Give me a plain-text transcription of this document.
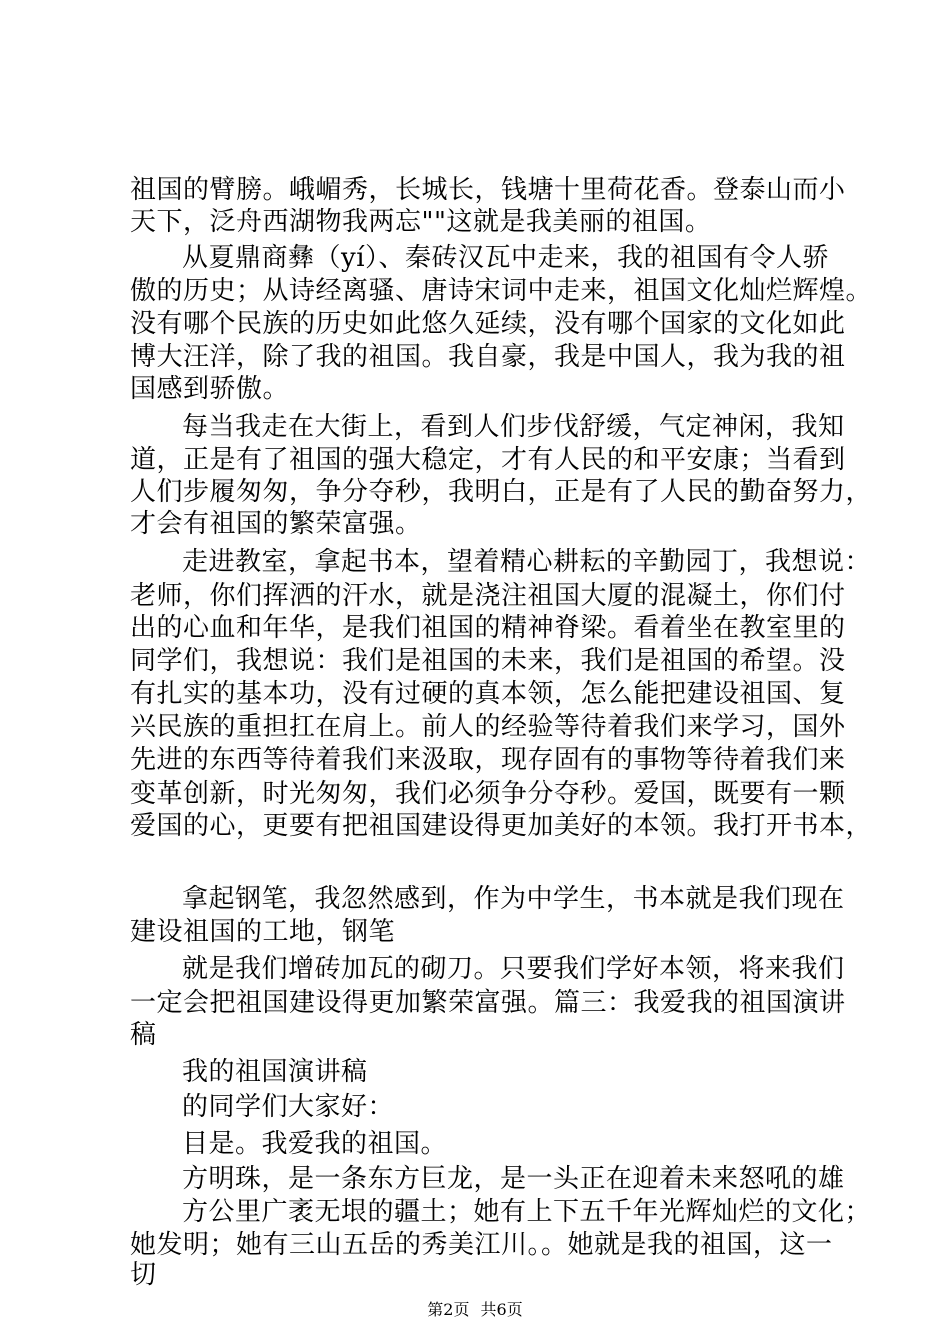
祖国的臂膀。峨嵋秀，长城长，钱塘十里荷花香。登泰山而小
天下，泛舟西湖物我两忘""这就是我美丽的祖国。
从夏鼎商彝（yí）、秦砖汉瓦中走来，我的祖国有令人骄
傲的历史；从诗经离骚、唐诗宋词中走来，祖国文化灿烂辉煌。
没有哪个民族的历史如此悠久延续，没有哪个国家的文化如此
博大汪洋，除了我的祖国。我自豪，我是中国人，我为我的祖
国感到骄傲。
每当我走在大街上，看到人们步伐舒缓，气定神闲，我知
道，正是有了祖国的强大稳定，才有人民的和平安康；当看到
人们步履匆匆，争分夺秒，我明白，正是有了人民的勤奋努力，
才会有祖国的繁荣富强。
走进教室，拿起书本，望着精心耕耘的辛勤园丁，我想说：
老师，你们挥洒的汗水，就是浇注祖国大厦的混凝土，你们付
出的心血和年华，是我们祖国的精神脊梁。看着坐在教室里的
同学们，我想说：我们是祖国的未来，我们是祖国的希望。没
有扎实的基本功，没有过硬的真本领，怎么能把建设祖国、复
兴民族的重担扛在肩上。前人的经验等待着我们来学习，国外
先进的东西等待着我们来汲取，现存固有的事物等待着我们来
变革创新，时光匆匆，我们必须争分夺秒。爱国，既要有一颗
爱国的心，更要有把祖国建设得更加美好的本领。我打开书本，
拿起钢笔，我忽然感到，作为中学生，书本就是我们现在
建设祖国的工地，钢笔
就是我们增砖加瓦的砌刀。只要我们学好本领，将来我们
一定会把祖国建设得更加繁荣富强。篇三：我爱我的祖国演讲
稿
我的祖国演讲稿
的同学们大家好：
目是。我爱我的祖国。
方明珠，是一条东方巨龙，是一头正在迎着未来怒吼的雄
方公里广袤无垠的疆土；她有上下五千年光辉灿烂的文化；
她发明；她有三山五岳的秀美江川。。她就是我的祖国，这一
切
第2页 共6页
